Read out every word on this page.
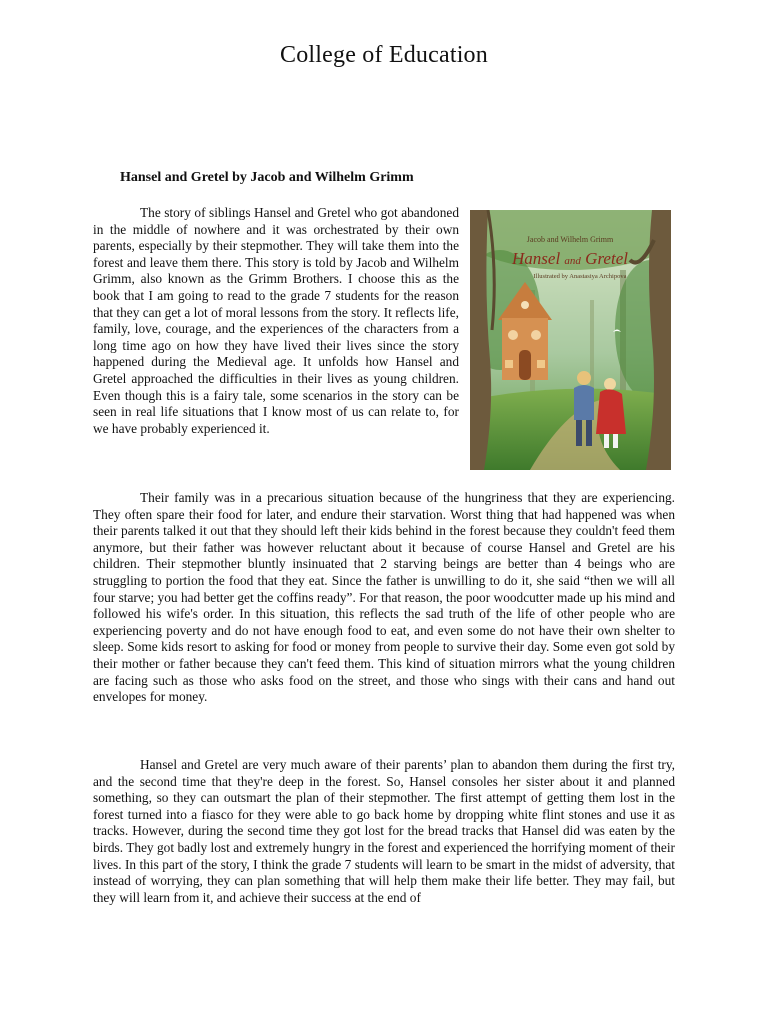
College of Education
Hansel and Gretel by Jacob and Wilhelm Grimm

The story of siblings Hansel and Gretel who got abandoned in the middle of nowhere and it was orchestrated by their own parents, especially by their stepmother. They will take them into the forest and leave them there. This story is told by Jacob and Wilhelm Grimm, also known as the Grimm Brothers. I choose this as the book that I am going to read to the grade 7 students for the reason that they can get a lot of moral lessons from the story. It reflects life, family, love, courage, and the experiences of the characters from a long time ago on how they have lived their lives since the story happened during the Medieval age. It unfolds how Hansel and Gretel approached the difficulties in their lives as young children. Even though this is a fairy tale, some scenarios in the story can be seen in real life situations that I know most of us can relate to, for we have probably experienced it.

Jacob and Wilhelm Grimm
Hansel and Gretel
Illustrated by Anastasiya Archipova

Their family was in a precarious situation because of the hungriness that they are experiencing. They often spare their food for later, and endure their starvation. Worst thing that had happened was when their parents talked it out that they should left their kids behind in the forest because they couldn't feed them anymore, but their father was however reluctant about it because of course Hansel and Gretel are his children. Their stepmother bluntly insinuated that 2 starving beings are better than 4 beings who are struggling to portion the food that they eat. Since the father is unwilling to do it, she said “then we will all four starve; you had better get the coffins ready”. For that reason, the poor woodcutter made up his mind and followed his wife's order. In this situation, this reflects the sad truth of the life of other people who are experiencing poverty and do not have enough food to eat, and even some do not have their own shelter to sleep. Some kids resort to asking for food or money from people to survive their day. Some even got sold by their mother or father because they can't feed them. This kind of situation mirrors what the young children are facing such as those who asks food on the street, and those who sings with their cans and hand out envelopes for money.

Hansel and Gretel are very much aware of their parents’ plan to abandon them during the first try, and the second time that they're deep in the forest. So, Hansel consoles her sister about it and planned something, so they can outsmart the plan of their stepmother. The first attempt of getting them lost in the forest turned into a fiasco for they were able to go back home by dropping white flint stones and use it as tracks. However, during the second time they got lost for the bread tracks that Hansel did was eaten by the birds. They got badly lost and extremely hungry in the forest and experienced the horrifying moment of their lives. In this part of the story, I think the grade 7 students will learn to be smart in the midst of adversity, that instead of worrying, they can plan something that will help them make their life better. They may fail, but they will learn from it, and achieve their success at the end of
